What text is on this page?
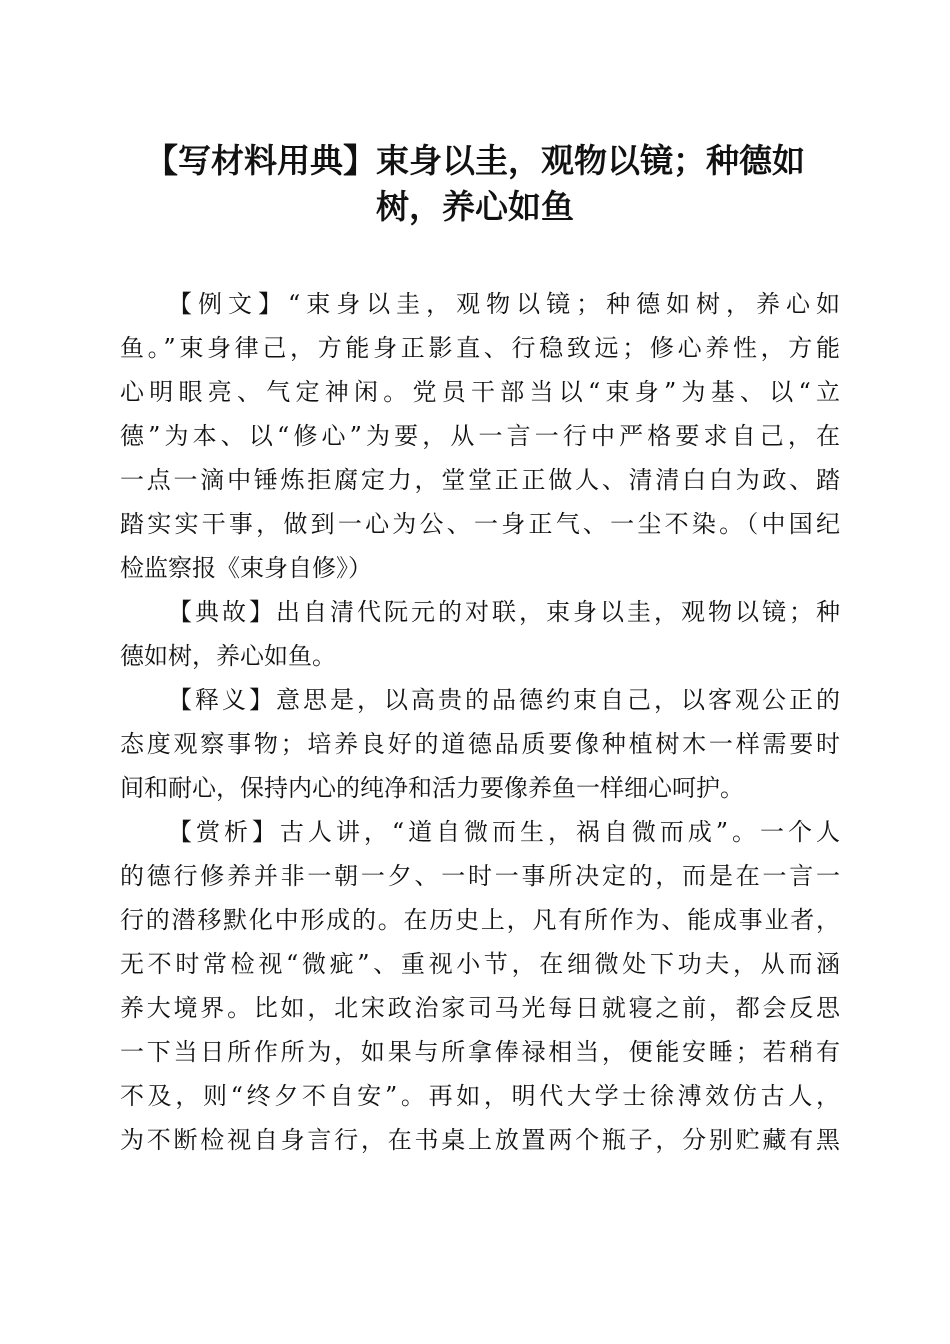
【写材料用典】束身以圭，观物以镜；种德如
树，养心如鱼
【例文】“束身以圭，观物以镜；种德如树，养心如
鱼。”束身律己，方能身正影直、行稳致远；修心养性，方能
心明眼亮、气定神闲。党员干部当以“束身”为基、以“立
德”为本、以“修心”为要，从一言一行中严格要求自己，在
一点一滴中锤炼拒腐定力，堂堂正正做人、清清白白为政、踏
踏实实干事，做到一心为公、一身正气、一尘不染。（中国纪
检监察报《束身自修》）
【典故】出自清代阮元的对联，束身以圭，观物以镜；种
德如树，养心如鱼。
【释义】意思是，以高贵的品德约束自己，以客观公正的
态度观察事物；培养良好的道德品质要像种植树木一样需要时
间和耐心，保持内心的纯净和活力要像养鱼一样细心呵护。
【赏析】古人讲，“道自微而生，祸自微而成”。一个人
的德行修养并非一朝一夕、一时一事所决定的，而是在一言一
行的潜移默化中形成的。在历史上，凡有所作为、能成事业者，
无不时常检视“微疵”、重视小节，在细微处下功夫，从而涵
养大境界。比如，北宋政治家司马光每日就寝之前，都会反思
一下当日所作所为，如果与所拿俸禄相当，便能安睡；若稍有
不及，则“终夕不自安”。再如，明代大学士徐溥效仿古人，
为不断检视自身言行，在书桌上放置两个瓶子，分别贮藏有黑
